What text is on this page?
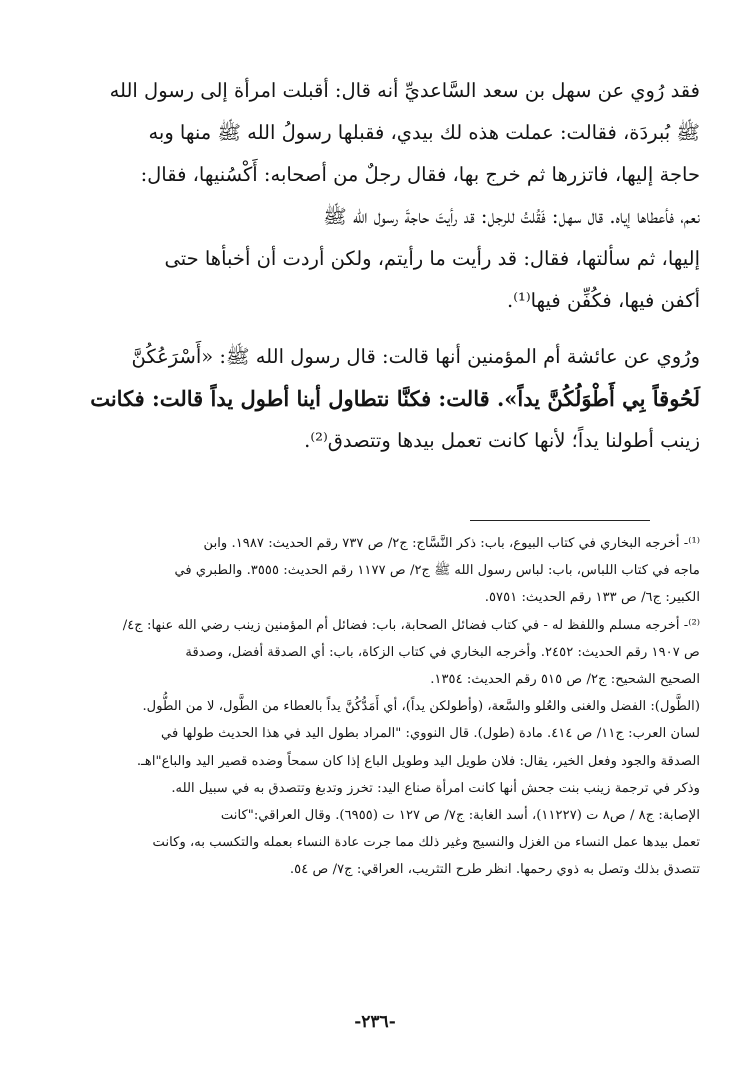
فقد رُوي عن سهل بن سعد السَّاعديِّ أنه قال: أقبلت امرأة إلى رسول الله
ﷺ بُبردَة، فقالت: عملت هذه لك بيدي، فقبلها رسولُ الله ﷺ منها وبه
حاجة إليها، فاتزرها ثم خرج بها، فقال رجلٌ من أصحابه: أَكْسُنيها، فقال:
نعم، فأعطاها إياه. قال سهل: فَقُلتُ للرجل: قد رأيتَ حاجةَ رسول الله ﷺ
إليها، ثم سألتها، فقال: قد رأيت ما رأيتم، ولكن أردت أن أخبأها حتى
أكفن فيها، فكُفِّن فيها⁽¹⁾.

ورُوي عن عائشة أم المؤمنين أنها قالت: قال رسول الله ﷺ: «أَسْرَعُكُنَّ
لَحُوقاً بِي أَطْوَلُكُنَّ يداً». قالت: فكنَّا نتطاول أينا أطول يداً قالت: فكانت
زينب أطولنا يداً؛ لأنها كانت تعمل بيدها وتتصدق⁽²⁾.

⁽¹⁾- أخرجه البخاري في كتاب البيوع، باب: ذكر النَّسَّاج: ج٢/ ص ٧٣٧ رقم الحديث: ١٩٨٧. وابن
ماجه في كتاب اللباس، باب: لباس رسول الله ﷺ ج٢/ ص ١١٧٧ رقم الحديث: ٣٥٥٥. والطبري في
الكبير: ج٦/ ص ١٣٣ رقم الحديث: ٥٧٥١.
⁽²⁾- أخرجه مسلم واللفظ له - في كتاب فضائل الصحابة، باب: فضائل أم المؤمنين زينب رضي الله عنها: ج٤/
ص ١٩٠٧ رقم الحديث: ٢٤٥٢. وأخرجه البخاري في كتاب الزكاة، باب: أي الصدقة أفضل، وصدقة
الصحيح الشحيح: ج٢/ ص ٥١٥ رقم الحديث: ١٣٥٤.
(الطَّول): الفضل والغنى والعُلو والسَّعة، (وأطولكن يداً)، أي أَمَدُّكُنَّ يداً بالعطاء من الطَّول، لا من الطُّول.
لسان العرب: ج١١/ ص ٤١٤. مادة (طول). قال النووي: "المراد بطول اليد في هذا الحديث طولها في
الصدقة والجود وفعل الخير، يقال: فلان طويل اليد وطويل الباع إذا كان سمحاً وضده قصير اليد والباع"اهـ.
وذكر في ترجمة زينب بنت جحش أنها كانت امرأة صناع اليد: تخرز وتدبغ وتتصدق به في سبيل الله.
الإصابة: ج٨ / ص٨ ت (١١٢٢٧)، أسد الغابة: ج٧/ ص ١٢٧ ت (٦٩٥٥). وقال العراقي:"كانت
تعمل بيدها عمل النساء من الغزل والنسيج وغير ذلك مما جرت عادة النساء بعمله والتكسب به، وكانت
تتصدق بذلك وتصل به ذوي رحمها. انظر طرح التثريب، العراقي: ج٧/ ص ٥٤.
-٢٣٦-
